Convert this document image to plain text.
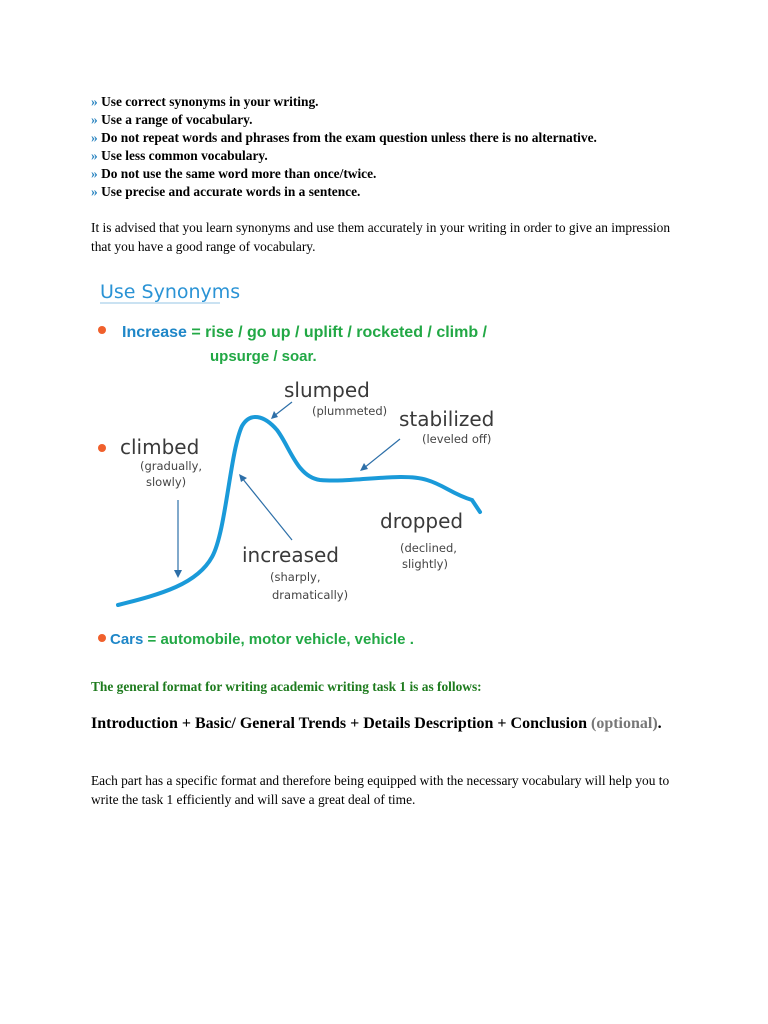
» Use correct synonyms in your writing.
» Use a range of vocabulary.
» Do not repeat words and phrases from the exam question unless there is no alternative.
» Use less common vocabulary.
» Do not use the same word more than once/twice.
» Use precise and accurate words in a sentence.

It is advised that you learn synonyms and use them accurately in your writing in order to give an impression that you have a good range of vocabulary.

Use Synonyms
Increase = rise / go up / uplift / rocketed / climb /
upsurge / soar.
climbed
(gradually,
slowly)
slumped
(plummeted) stabilized
(leveled off)
dropped
(declined,
slightly)
increased
(sharply,
dramatically)
Cars = automobile, motor vehicle, vehicle .

The general format for writing academic writing task 1 is as follows:

Introduction + Basic/ General Trends + Details Description + Conclusion (optional).

Each part has a specific format and therefore being equipped with the necessary vocabulary will help you to write the task 1 efficiently and will save a great deal of time.
